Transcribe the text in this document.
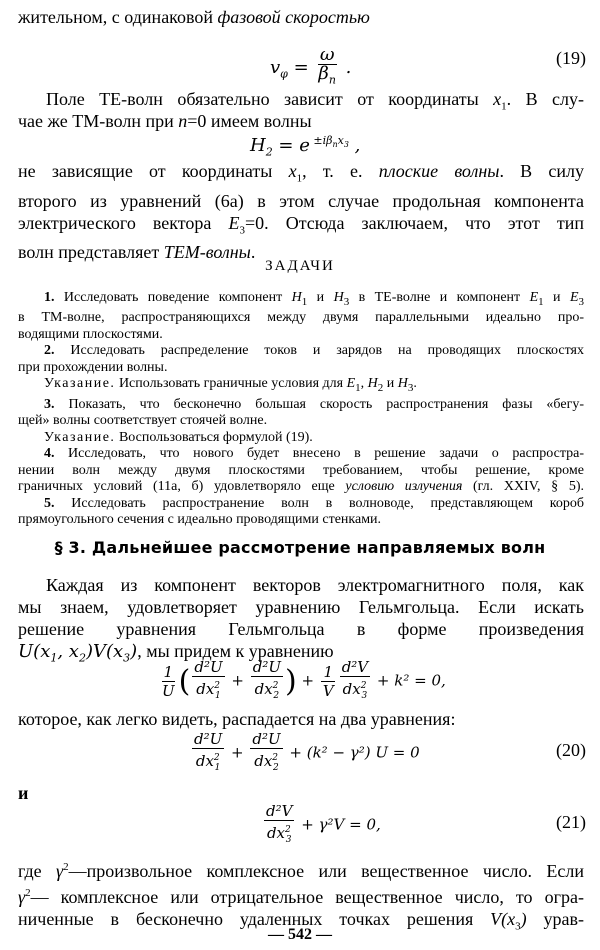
жительном, с одинаковой фазовой скоростью

$v_\varphi = \frac{\omega}{\beta_n}$ .	(19)

Поле TE-волн обязательно зависит от координаты $x_1$. В слу-

чае же TM-волн при n=0 имеем волны

$H_2 = e$ $^{\pm i\beta_nx_3}$ ,

не зависящие от координаты $x_1$, т. е. плоские волны. В силу

второго из уравнений (6а) в этом случае продольная компонента

электрического вектора $E_3=0$. Отсюда заключаем, что этот тип

волн представляет TEM-волны.

ЗАДАЧИ

1. Исследовать поведение компонент $H_1$ и $H_3$ в TE-волне и компонент $E_1$ и $E_3$

в TM-волне, распространяющихся между двумя параллельными идеально про-

водящими плоскостями.

2. Исследовать распределение токов и зарядов на проводящих плоскостях

при прохождении волны.

Указание. Использовать граничные условия для $E_1$, $H_2$ и $H_3$.

3. Показать, что бесконечно большая скорость распространения фазы «бегу-

щей» волны соответствует стоячей волне.

Указание. Воспользоваться формулой (19).

4. Исследовать, что нового будет внесено в решение задачи о распростра-

нении волн между двумя плоскостями требованием, чтобы решение, кроме

граничных условий (11а, б) удовлетворяло еще условию излучения (гл. XXIV, § 5).

5. Исследовать распространение волн в волноводе, представляющем короб

прямоугольного сечения с идеально проводящими стенками.

§ 3. Дальнейшее рассмотрение направляемых волн

Каждая из компонент векторов электромагнитного поля, как

мы знаем, удовлетворяет уравнению Гельмгольца. Если искать

решение уравнения Гельмгольца в форме произведения

$U(x_1$, $x_2)V(x_3)$, мы придем к уравнению

$\frac{1}{U}$ ( $\frac{\text{d²U}}{dx^2_1} + \frac{\text{d²U}}{dx^2_2}$ ) + $\frac{1}{V} \frac{\text{d²V}}{dx^2_3} + k^2 = 0$,

которое, как легко видеть, распадается на два уравнения:

$\frac{\text{d²U}}{dx^2_1} + \frac{\text{d²U}}{dx^2_2} + (k^2 - \gamma^2) U = 0$	(20)

и

$\frac{\text{d²V}}{dx^2_3} + \gamma^2V = 0$,	(21)

где $\gamma^2—произвольное$ комплексное или вещественное число. Если

$\gamma^2—$ комплексное или отрицательное вещественное число, то огра-

ниченные в бесконечно удаленных точках решения $V(x_3)$ урав-

— 542 —
